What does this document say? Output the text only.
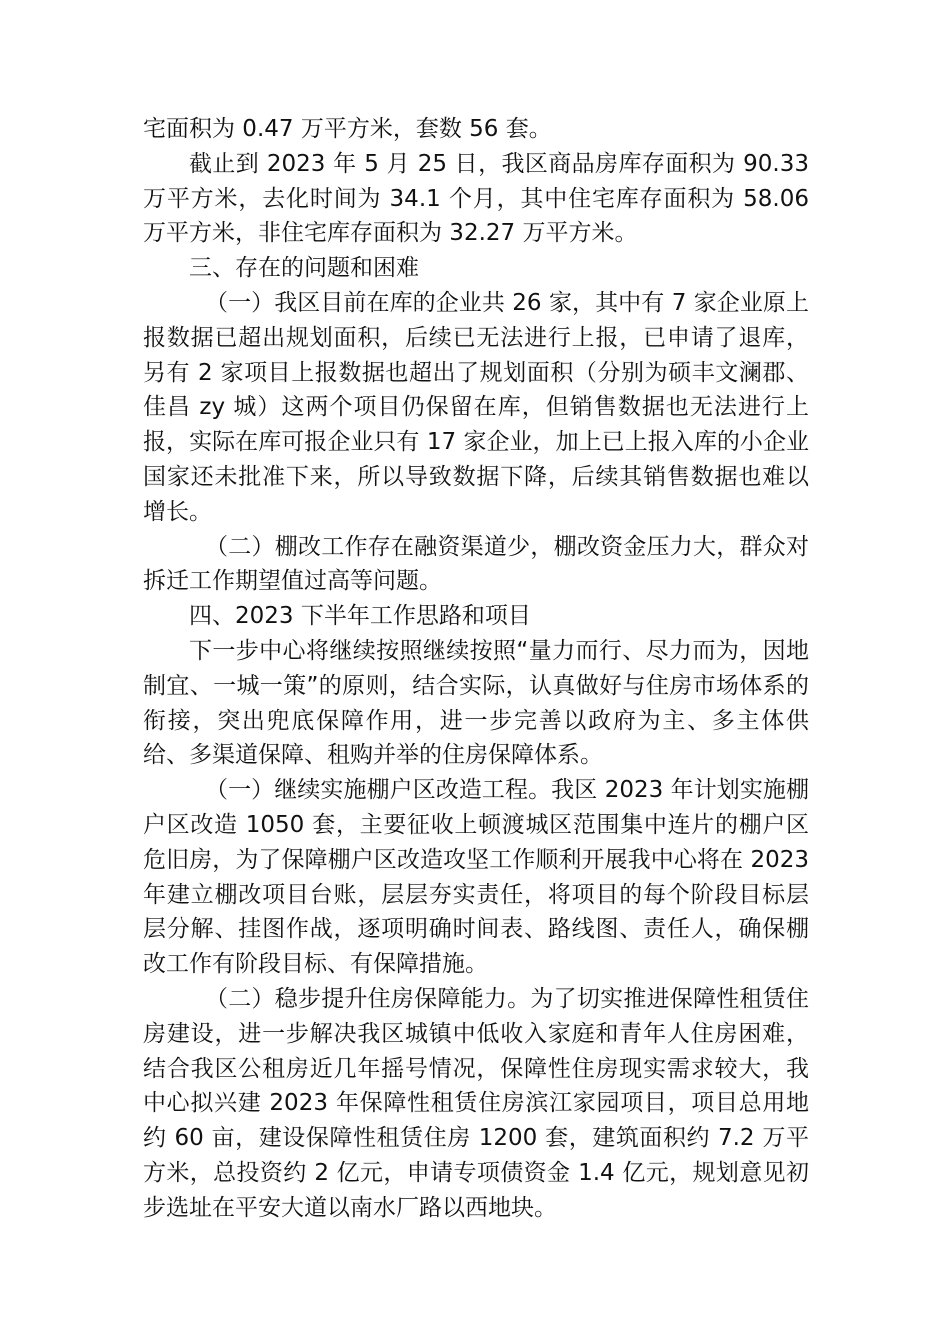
宅面积为 0.47 万平方米，套数 56 套。

截止到 2023 年 5 月 25 日，我区商品房库存面积为 90.33 万平方米，去化时间为 34.1 个月，其中住宅库存面积为 58.06 万平方米，非住宅库存面积为 32.27 万平方米。

三、存在的问题和困难

（一）我区目前在库的企业共 26 家，其中有 7 家企业原上报数据已超出规划面积，后续已无法进行上报，已申请了退库，另有 2 家项目上报数据也超出了规划面积（分别为硕丰文澜郡、佳昌 zy 城）这两个项目仍保留在库，但销售数据也无法进行上报，实际在库可报企业只有 17 家企业，加上已上报入库的小企业国家还未批准下来，所以导致数据下降，后续其销售数据也难以增长。

（二）棚改工作存在融资渠道少，棚改资金压力大，群众对拆迁工作期望值过高等问题。

四、2023 下半年工作思路和项目

下一步中心将继续按照继续按照“量力而行、尽力而为，因地制宜、一城一策”的原则，结合实际，认真做好与住房市场体系的衔接，突出兜底保障作用，进一步完善以政府为主、多主体供给、多渠道保障、租购并举的住房保障体系。

（一）继续实施棚户区改造工程。我区 2023 年计划实施棚户区改造 1050 套，主要征收上顿渡城区范围集中连片的棚户区危旧房，为了保障棚户区改造攻坚工作顺利开展我中心将在 2023 年建立棚改项目台账，层层夯实责任，将项目的每个阶段目标层层分解、挂图作战，逐项明确时间表、路线图、责任人，确保棚改工作有阶段目标、有保障措施。

（二）稳步提升住房保障能力。为了切实推进保障性租赁住房建设，进一步解决我区城镇中低收入家庭和青年人住房困难，结合我区公租房近几年摇号情况，保障性住房现实需求较大，我中心拟兴建 2023 年保障性租赁住房滨江家园项目，项目总用地约 60 亩，建设保障性租赁住房 1200 套，建筑面积约 7.2 万平方米，总投资约 2 亿元，申请专项债资金 1.4 亿元，规划意见初步选址在平安大道以南水厂路以西地块。
